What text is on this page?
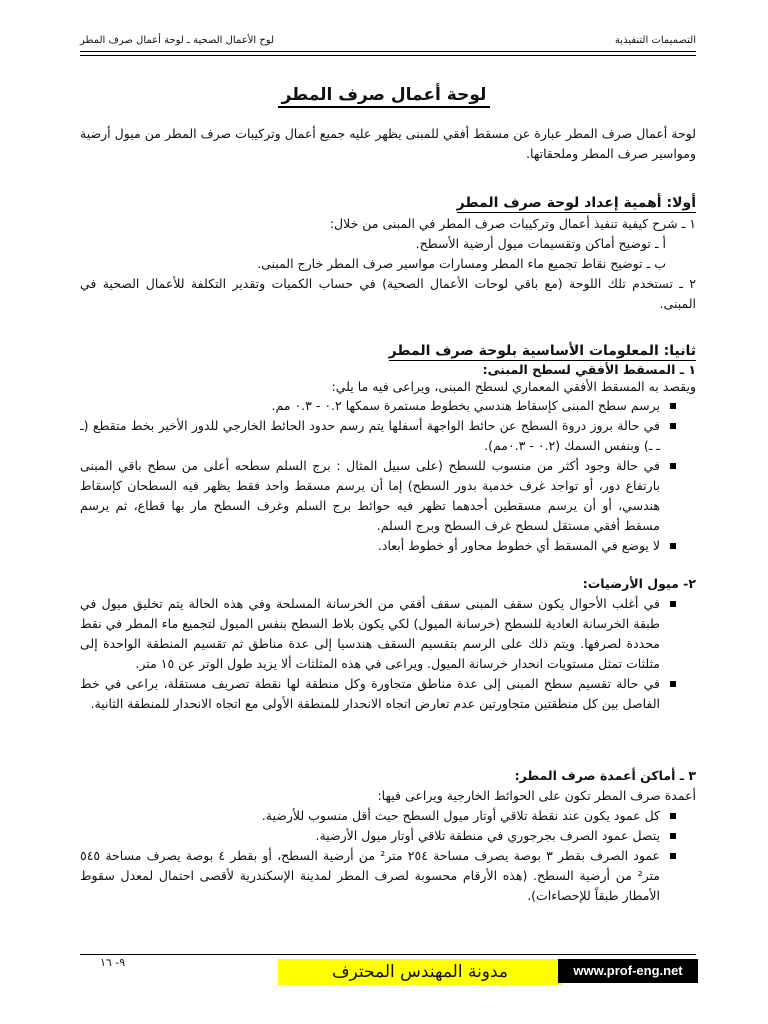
لوح الأعمال الصحية ـ لوحة أعمال صرف المطر	التصميمات التنفيذية
لوحة أعمال صرف المطر

لوحة أعمال صرف المطر عبارة عن مسقط أفقي للمبنى يظهر عليه جميع أعمال وتركيبات صرف المطر من ميول أرضية ومواسير صرف المطر وملحقاتها.

أولا: أهمية إعداد لوحة صرف المطر

١ ـ شرح كيفية تنفيذ أعمال وتركيبات صرف المطر في المبنى من خلال:

أ ـ توضيح أماكن وتقسيمات ميول أرضية الأسطح.

ب ـ توضيح نقاط تجميع ماء المطر ومسارات مواسير صرف المطر خارج المبنى.

٢ ـ تستخدم تلك اللوحة (مع باقي لوحات الأعمال الصحية) في حساب الكميات وتقدير التكلفة للأعمال الصحية في المبنى.

ثانيا: المعلومات الأساسية بلوحة صرف المطر

١ ـ المسقط الأفقي لسطح المبنى:

ويقصد به المسقط الأفقي المعماري لسطح المبنى، ويراعى فيه ما يلي:

يرسم سطح المبنى كإسقاط هندسي بخطوط مستمرة سمكها ٠.٢ - ٠.٣ مم.
في حالة بروز دروة السطح عن حائط الواجهة أسفلها يتم رسم حدود الحائط الخارجي للدور الأخير بخط متقطع (ـ ـ ـ) وبنفس السمك (٠.٢ - ٠.٣مم).
في حالة وجود أكثر من منسوب للسطح (على سبيل المثال : برج السلم سطحه أعلى من سطح باقي المبنى بارتفاع دور، أو تواجد غرف خدمية بدور السطح) إما أن يرسم مسقط واحد فقط يظهر فيه السطحان كإسقاط هندسي، أو أن يرسم مسقطين أحدهما تظهر فيه حوائط برج السلم وغرف السطح مار بها قطاع، ثم يرسم مسقط أفقي مستقل لسطح غرف السطح وبرج السلم.
لا يوضع في المسقط أي خطوط محاور أو خطوط أبعاد.

٢- ميول الأرضيات:

في أغلب الأحوال يكون سقف المبنى سقف أفقي من الخرسانة المسلحة وفي هذه الحالة يتم تخليق ميول في طبقة الخرسانة العادية للسطح (خرسانة الميول) لكي يكون بلاط السطح بنفس الميول لتجميع ماء المطر في نقط محددة لصرفها. ويتم ذلك على الرسم بتقسيم السقف هندسيا إلى عدة مناطق ثم تقسيم المنطقة الواحدة إلى مثلثات تمثل مستويات انحدار خرسانة الميول. ويراعى في هذه المثلثات ألا يزيد طول الوتر عن ١٥ متر.
في حالة تقسيم سطح المبنى إلى عدة مناطق متجاورة وكل منطقة لها نقطة تصريف مستقلة، يراعى في خط الفاصل بين كل منطقتين متجاورتين عدم تعارض اتجاه الانحدار للمنطقة الأولى مع اتجاه الانحدار للمنطقة الثانية.

٣ ـ أماكن أعمدة صرف المطر:

أعمدة صرف المطر تكون على الحوائط الخارجية ويراعى فيها:

كل عمود يكون عند نقطة تلاقي أوتار ميول السطح حيث أقل منسوب للأرضية.
يتصل عمود الصرف بجرجوري في منطقة تلاقي أوتار ميول الأرضية.
عمود الصرف بقطر ٣ بوصة يصرف مساحة ٢٥٤ متر² من أرضية السطح، أو بقطر ٤ بوصة يصرف مساحة ٥٤٥ متر² من أرضية السطح. (هذه الأرقام محسوبة لصرف المطر لمدينة الإسكندرية لأقصى احتمال لمعدل سقوط الأمطار طبقاً للإحصاءات).
٩- ١٦	مدونة المهندس المحترف	www.prof-eng.net
